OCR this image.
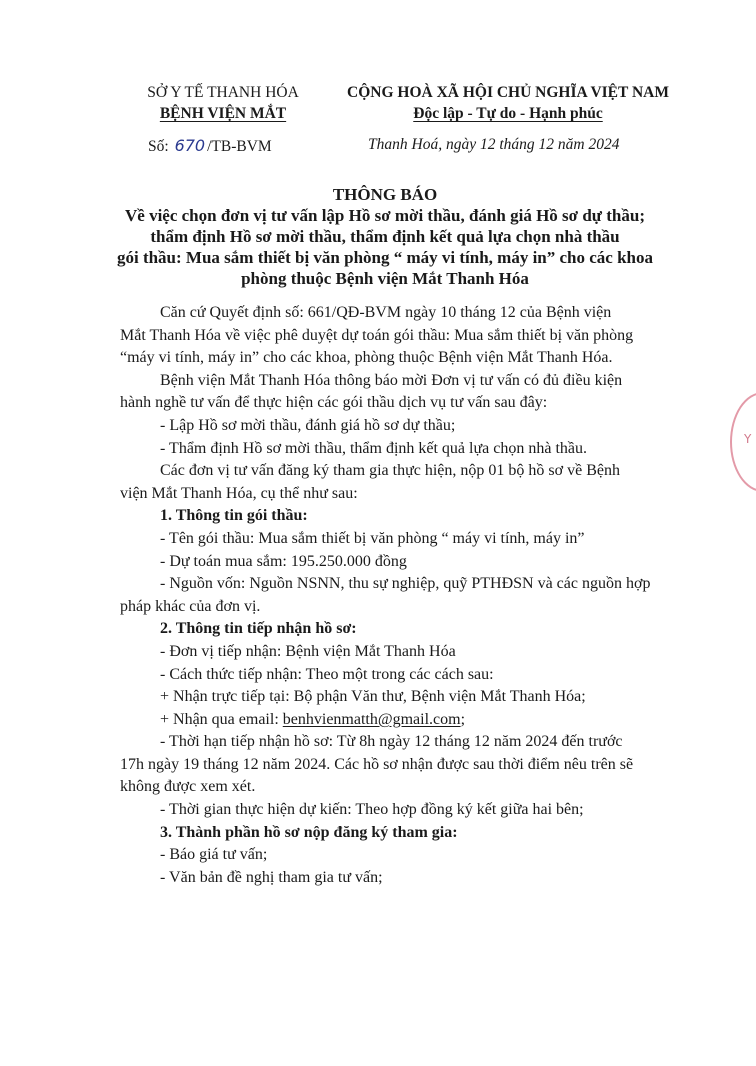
SỞ Y TẾ THANH HÓA
BỆNH VIỆN MẮT
CỘNG HOÀ XÃ HỘI CHỦ NGHĨA VIỆT NAM
Độc lập - Tự do - Hạnh phúc
Số: 670 /TB-BVM	Thanh Hoá, ngày 12 tháng 12 năm 2024
THÔNG BÁO
Về việc chọn đơn vị tư vấn lập Hồ sơ mời thầu, đánh giá Hồ sơ dự thầu;
thẩm định Hồ sơ mời thầu, thẩm định kết quả lựa chọn nhà thầu
gói thầu: Mua sắm thiết bị văn phòng “ máy vi tính, máy in” cho các khoa
phòng thuộc Bệnh viện Mắt Thanh Hóa

Căn cứ Quyết định số: 661/QĐ-BVM ngày 10 tháng 12 của Bệnh viện

Mắt Thanh Hóa về việc phê duyệt dự toán gói thầu: Mua sắm thiết bị văn phòng

“máy vi tính, máy in” cho các khoa, phòng thuộc Bệnh viện Mắt Thanh Hóa.

Bệnh viện Mắt Thanh Hóa thông báo mời Đơn vị tư vấn có đủ điều kiện

hành nghề tư vấn để thực hiện các gói thầu dịch vụ tư vấn sau đây:

- Lập Hồ sơ mời thầu, đánh giá hồ sơ dự thầu;

- Thẩm định Hồ sơ mời thầu, thẩm định kết quả lựa chọn nhà thầu.

Các đơn vị tư vấn đăng ký tham gia thực hiện, nộp 01 bộ hồ sơ về Bệnh

viện Mắt Thanh Hóa, cụ thể như sau:

1. Thông tin gói thầu:

- Tên gói thầu: Mua sắm thiết bị văn phòng “ máy vi tính, máy in”

- Dự toán mua sắm: 195.250.000 đồng

- Nguồn vốn: Nguồn NSNN, thu sự nghiệp, quỹ PTHĐSN và các nguồn hợp

pháp khác của đơn vị.

2. Thông tin tiếp nhận hồ sơ:

- Đơn vị tiếp nhận: Bệnh viện Mắt Thanh Hóa

- Cách thức tiếp nhận: Theo một trong các cách sau:

+ Nhận trực tiếp tại: Bộ phận Văn thư, Bệnh viện Mắt Thanh Hóa;

+ Nhận qua email: benhvienmatth@gmail.com;

- Thời hạn tiếp nhận hồ sơ: Từ 8h ngày 12 tháng 12 năm 2024 đến trước

17h ngày 19 tháng 12 năm 2024. Các hồ sơ nhận được sau thời điểm nêu trên sẽ

không được xem xét.

- Thời gian thực hiện dự kiến: Theo hợp đồng ký kết giữa hai bên;

3. Thành phần hồ sơ nộp đăng ký tham gia:

- Báo giá tư vấn;

- Văn bản đề nghị tham gia tư vấn;

Y
